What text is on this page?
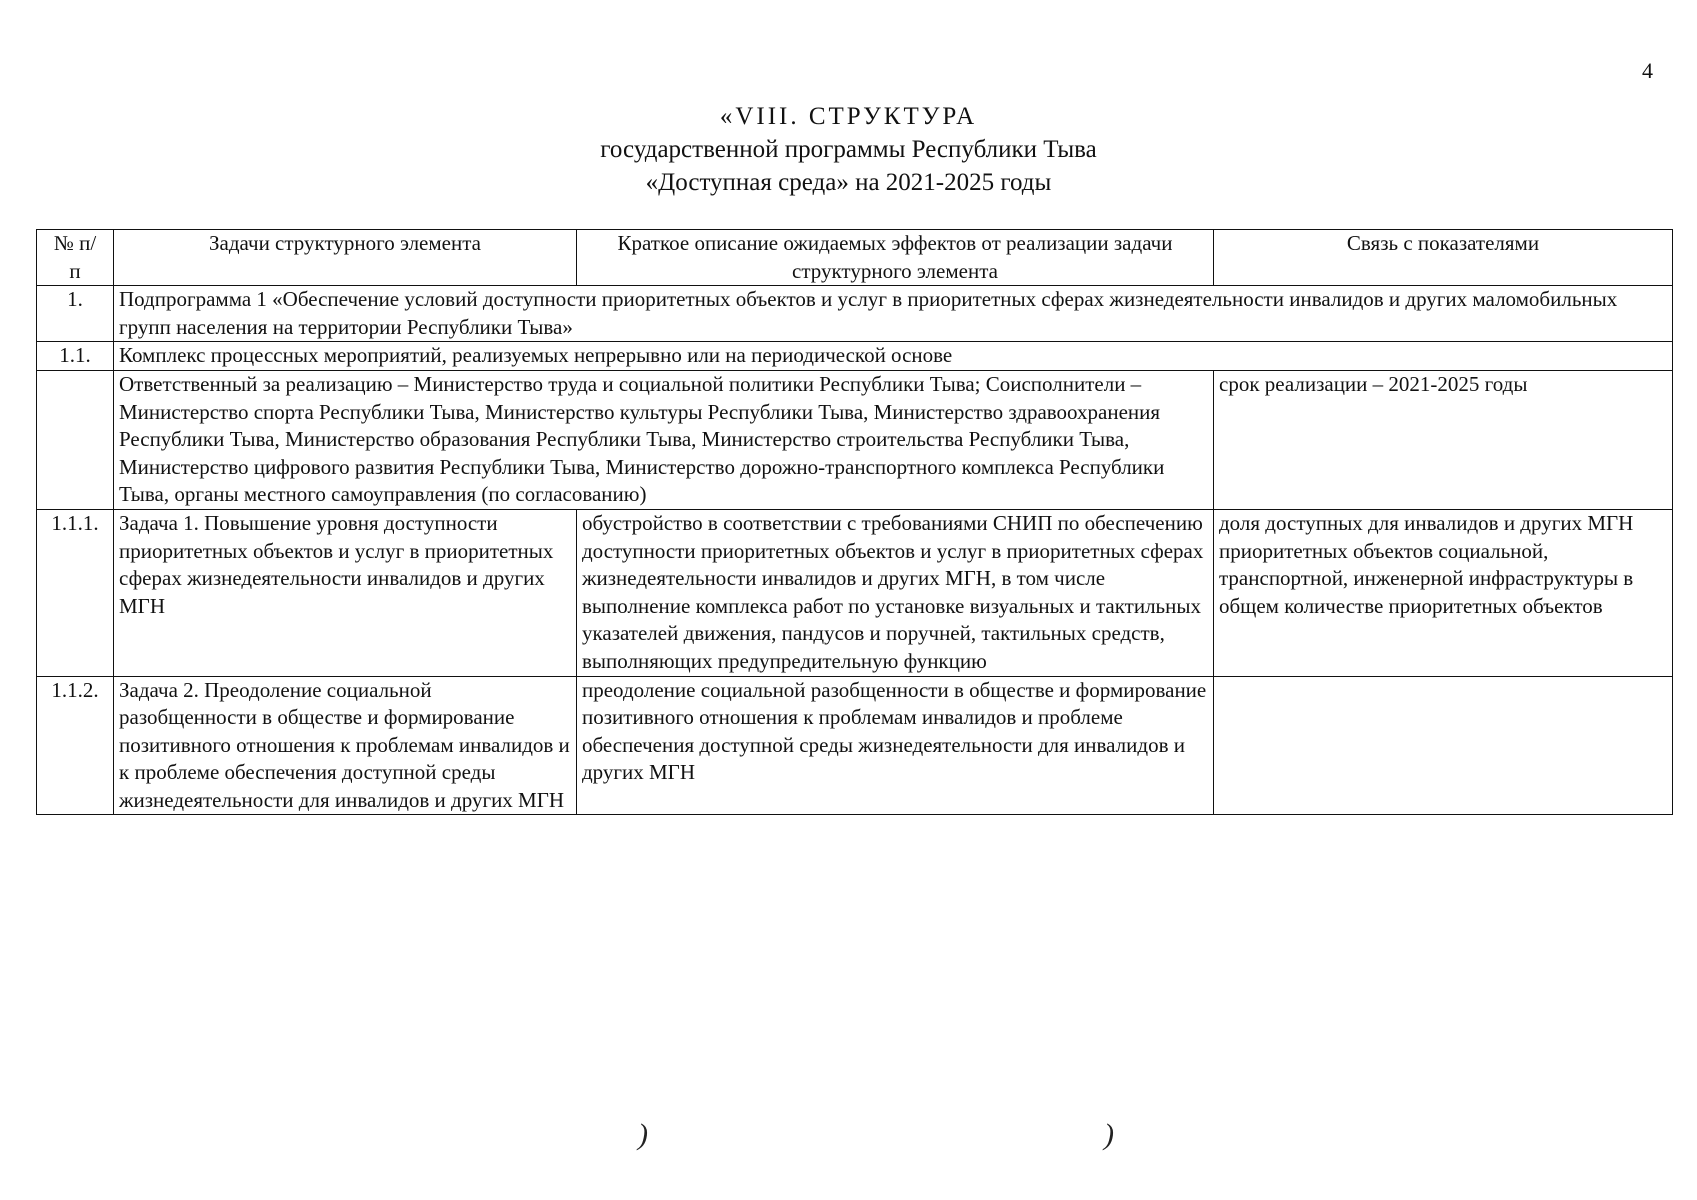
4
«VIII. СТРУКТУРА
государственной программы Республики Тыва
«Доступная среда» на 2021-2025 годы
№ п/п	Задачи структурного элемента	Краткое описание ожидаемых эффектов от реализации задачи структурного элемента	Связь с показателями
1.	Подпрограмма 1 «Обеспечение условий доступности приоритетных объектов и услуг в приоритетных сферах жизнедеятельности инвалидов и других маломобильных групп населения на территории Республики Тыва»		
1.1.	Комплекс процессных мероприятий, реализуемых непрерывно или на периодической основе		
	Ответственный за реализацию – Министерство труда и социальной политики Республики Тыва; Соисполнители – Министерство спорта Республики Тыва, Министерство культуры Республики Тыва, Министерство здравоохранения Республики Тыва, Министерство образования Республики Тыва, Министерство строительства Республики Тыва, Министерство цифрового развития Республики Тыва, Министерство дорожно-транспортного комплекса Республики Тыва, органы местного самоуправления (по согласованию)		срок реализации – 2021-2025 годы
1.1.1.	Задача 1. Повышение уровня доступности приоритетных объектов и услуг в приоритетных сферах жизнедеятельности инвалидов и других МГН	обустройство в соответствии с требованиями СНИП по обеспечению доступности приоритетных объектов и услуг в приоритетных сферах жизнедеятельности инвалидов и других МГН, в том числе выполнение комплекса работ по установке визуальных и тактильных указателей движения, пандусов и поручней, тактильных средств, выполняющих предупредительную функцию	доля доступных для инвалидов и других МГН приоритетных объектов социальной, транспортной, инженерной инфраструктуры в общем количестве приоритетных объектов
1.1.2.	Задача 2. Преодоление социальной разобщенности в обществе и формирование позитивного отношения к проблемам инвалидов и к проблеме обеспечения доступной среды жизнедеятельности для инвалидов и других МГН	преодоление социальной разобщенности в обществе и формирование позитивного отношения к проблемам инвалидов и проблеме обеспечения доступной среды жизнедеятельности для инвалидов и других МГН	
)	)
